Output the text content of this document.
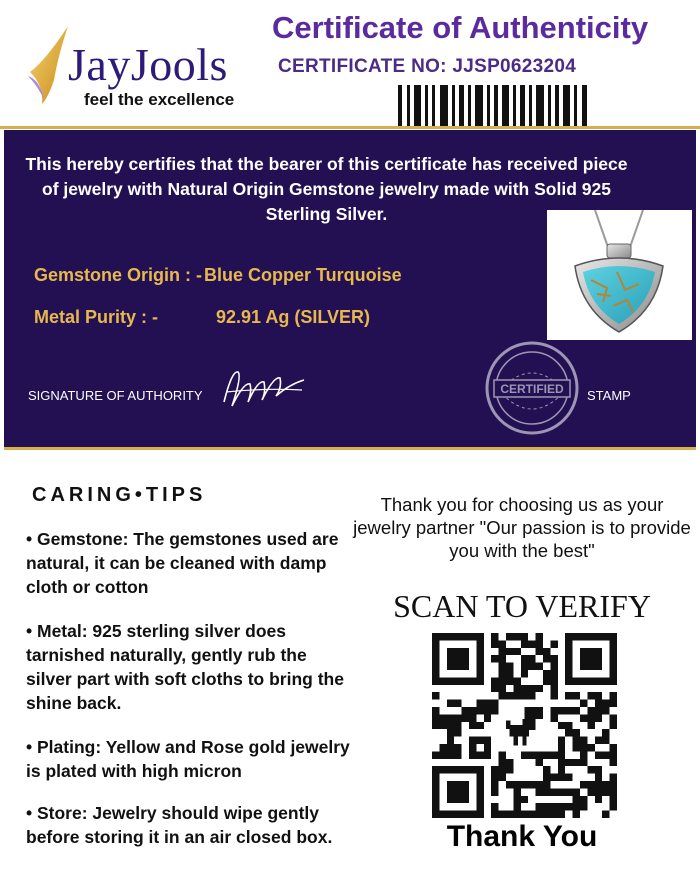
JayJools
feel the excellence
Certificate of Authenticity
CERTIFICATE NO: JJSP0623204
This hereby certifies that the bearer of this certificate has received piece of jewelry with Natural Origin Gemstone jewelry made with Solid 925 Sterling Silver.
Gemstone Origin : - Blue Copper Turquoise
Metal Purity : -	92.91 Ag (SILVER)
SIGNATURE OF AUTHORITY	CERTIFIED STAMP
CARING•TIPS
• Gemstone: The gemstones used are natural, it can be cleaned with damp cloth or cotton
• Metal: 925 sterling silver does tarnished naturally, gently rub the silver part with soft cloths to bring the shine back.
• Plating: Yellow and Rose gold jewelry is plated with high micron
• Store: Jewelry should wipe gently before storing it in an air closed box.
Thank you for choosing us as your jewelry partner "Our passion is to provide you with the best"
SCAN TO VERIFY
Thank You
